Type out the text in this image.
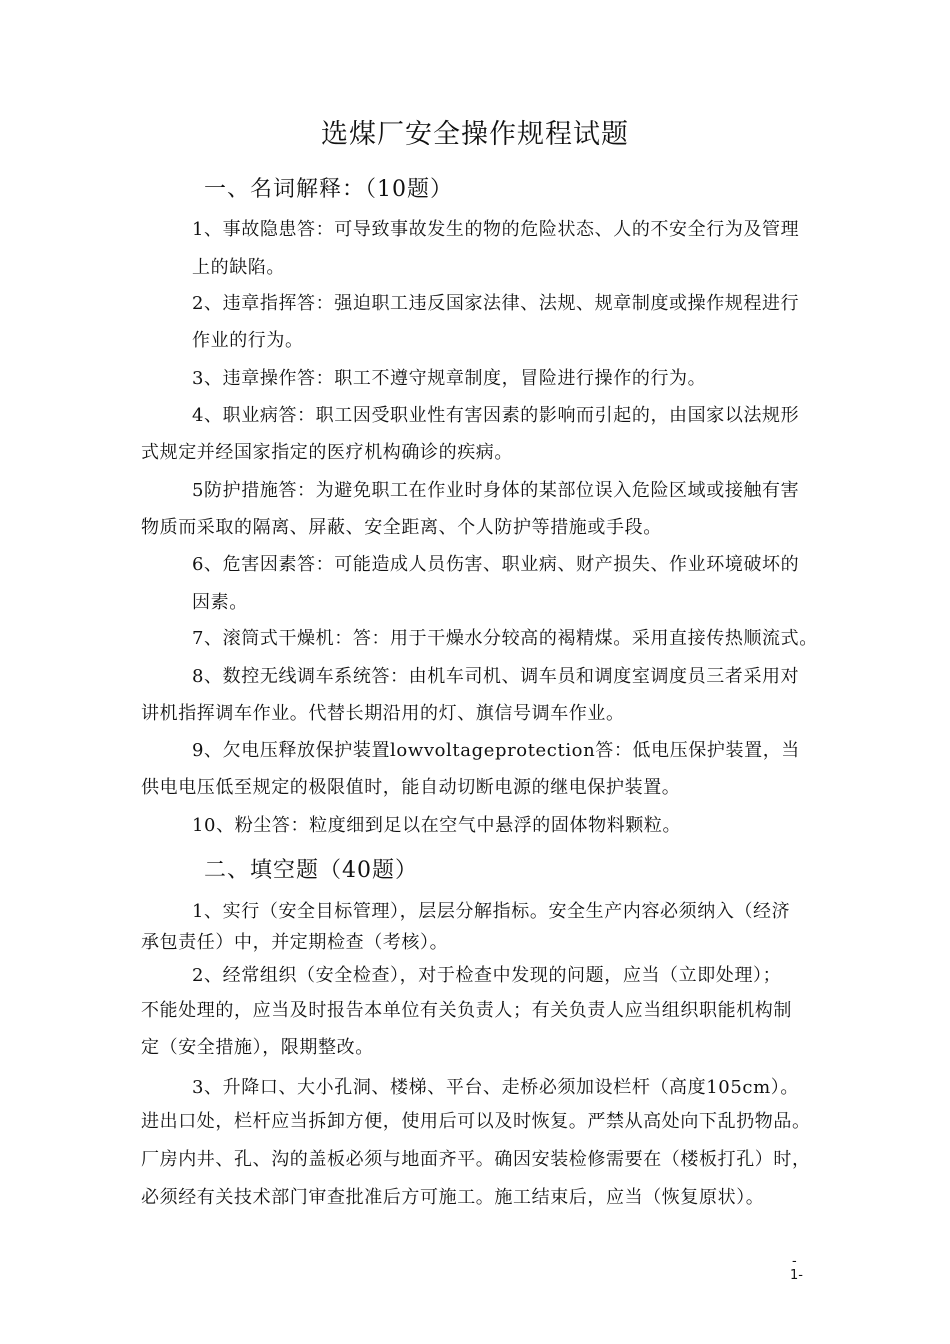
选煤厂安全操作规程试题
一、名词解释：（10题）
1、事故隐患答：可导致事故发生的物的危险状态、人的不安全行为及管理
上的缺陷。
2、违章指挥答：强迫职工违反国家法律、法规、规章制度或操作规程进行
作业的行为。
3、违章操作答：职工不遵守规章制度，冒险进行操作的行为。
4、职业病答：职工因受职业性有害因素的影响而引起的，由国家以法规形
式规定并经国家指定的医疗机构确诊的疾病。
5防护措施答：为避免职工在作业时身体的某部位误入危险区域或接触有害
物质而采取的隔离、屏蔽、安全距离、个人防护等措施或手段。
6、危害因素答：可能造成人员伤害、职业病、财产损失、作业环境破坏的
因素。
7、滚筒式干燥机：答：用于干燥水分较高的褐精煤。采用直接传热顺流式。
8、数控无线调车系统答：由机车司机、调车员和调度室调度员三者采用对
讲机指挥调车作业。代替长期沿用的灯、旗信号调车作业。
9、欠电压释放保护装置lowvoltageprotection答：低电压保护装置，当
供电电压低至规定的极限值时，能自动切断电源的继电保护装置。
10、粉尘答：粒度细到足以在空气中悬浮的固体物料颗粒。
二、填空题（40题）
1、实行（安全目标管理），层层分解指标。安全生产内容必须纳入（经济
承包责任）中，并定期检查（考核）。
2、经常组织（安全检查），对于检查中发现的问题，应当（立即处理）；
不能处理的，应当及时报告本单位有关负责人；有关负责人应当组织职能机构制
定（安全措施），限期整改。
3、升降口、大小孔洞、楼梯、平台、走桥必须加设栏杆（高度105cm）。
进出口处，栏杆应当拆卸方便，使用后可以及时恢复。严禁从高处向下乱扔物品。
厂房内井、孔、沟的盖板必须与地面齐平。确因安装检修需要在（楼板打孔）时，
必须经有关技术部门审查批准后方可施工。施工结束后，应当（恢复原状）。
-
1-
